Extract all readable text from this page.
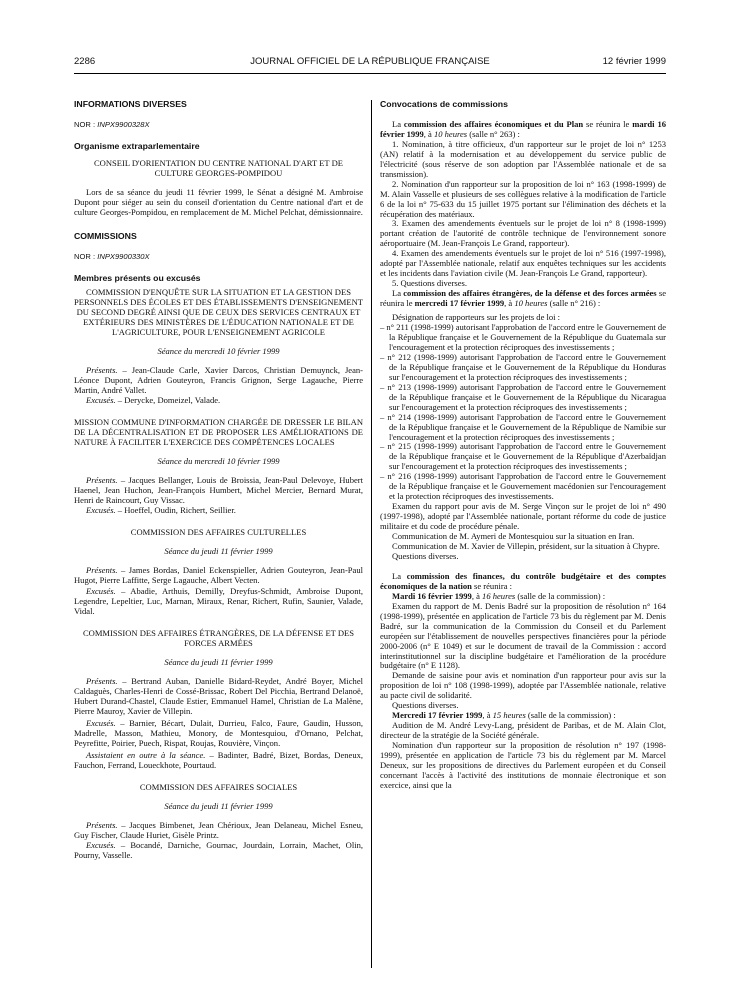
2286	JOURNAL OFFICIEL DE LA RÉPUBLIQUE FRANÇAISE	12 février 1999

INFORMATIONS DIVERSES

NOR : INPX9900328X

Organisme extraparlementaire

CONSEIL D'ORIENTATION DU CENTRE NATIONAL D'ART ET DE CULTURE GEORGES-POMPIDOU

Lors de sa séance du jeudi 11 février 1999, le Sénat a désigné M. Ambroise Dupont pour siéger au sein du conseil d'orientation du Centre national d'art et de culture Georges-Pompidou, en remplacement de M. Michel Pelchat, démissionnaire.

COMMISSIONS

NOR : INPX9900330X

Membres présents ou excusés

COMMISSION D'ENQUÊTE SUR LA SITUATION ET LA GESTION DES PERSONNELS DES ÉCOLES ET DES ÉTABLISSEMENTS D'ENSEIGNEMENT DU SECOND DEGRÉ AINSI QUE DE CEUX DES SERVICES CENTRAUX ET EXTÉRIEURS DES MINISTÈRES DE L'ÉDUCATION NATIONALE ET DE L'AGRICULTURE, POUR L'ENSEIGNEMENT AGRICOLE

Séance du mercredi 10 février 1999

Présents. – Jean-Claude Carle, Xavier Darcos, Christian Demuynck, Jean-Léonce Dupont, Adrien Gouteyron, Francis Grignon, Serge Lagauche, Pierre Martin, André Vallet.

Excusés. – Derycke, Domeizel, Valade.

MISSION COMMUNE D'INFORMATION CHARGÉE DE DRESSER LE BILAN DE LA DÉCENTRALISATION ET DE PROPOSER LES AMÉLIORATIONS DE NATURE À FACILITER L'EXERCICE DES COMPÉTENCES LOCALES

Séance du mercredi 10 février 1999

Présents. – Jacques Bellanger, Louis de Broissia, Jean-Paul Delevoye, Hubert Haenel, Jean Huchon, Jean-François Humbert, Michel Mercier, Bernard Murat, Henri de Raincourt, Guy Vissac.

Excusés. – Hoeffel, Oudin, Richert, Seillier.

COMMISSION DES AFFAIRES CULTURELLES

Séance du jeudi 11 février 1999

Présents. – James Bordas, Daniel Eckenspieller, Adrien Gouteyron, Jean-Paul Hugot, Pierre Laffitte, Serge Lagauche, Albert Vecten.

Excusés. – Abadie, Arthuis, Demilly, Dreyfus-Schmidt, Ambroise Dupont, Legendre, Lepeltier, Luc, Marnan, Miraux, Renar, Richert, Rufin, Saunier, Valade, Vidal.

COMMISSION DES AFFAIRES ÉTRANGÈRES, DE LA DÉFENSE ET DES FORCES ARMÉES

Séance du jeudi 11 février 1999

Présents. – Bertrand Auban, Danielle Bidard-Reydet, André Boyer, Michel Caldaguès, Charles-Henri de Cossé-Brissac, Robert Del Picchia, Bertrand Delanoë, Hubert Durand-Chastel, Claude Estier, Emmanuel Hamel, Christian de La Malène, Pierre Mauroy, Xavier de Villepin.

Excusés. – Barnier, Bécart, Dulait, Durrieu, Falco, Faure, Gaudin, Husson, Madrelle, Masson, Mathieu, Monory, de Montesquiou, d'Ornano, Pelchat, Peyrefitte, Poirier, Puech, Rispat, Roujas, Rouvière, Vinçon.

Assistaient en outre à la séance. – Badinter, Badré, Bizet, Bordas, Deneux, Fauchon, Ferrand, Loueckhote, Pourtaud.

COMMISSION DES AFFAIRES SOCIALES

Séance du jeudi 11 février 1999

Présents. – Jacques Bimbenet, Jean Chérioux, Jean Delaneau, Michel Esneu, Guy Fischer, Claude Huriet, Gisèle Printz.

Excusés. – Bocandé, Darniche, Gournac, Jourdain, Lorrain, Machet, Olin, Pourny, Vasselle.

Convocations de commissions

La commission des affaires économiques et du Plan se réunira le mardi 16 février 1999, à 10 heures (salle n° 263) :

1. Nomination, à titre officieux, d'un rapporteur sur le projet de loi n° 1253 (AN) relatif à la modernisation et au développement du service public de l'électricité (sous réserve de son adoption par l'Assemblée nationale et de sa transmission).

2. Nomination d'un rapporteur sur la proposition de loi n° 163 (1998-1999) de M. Alain Vasselle et plusieurs de ses collègues relative à la modification de l'article 6 de la loi n° 75-633 du 15 juillet 1975 portant sur l'élimination des déchets et la récupération des matériaux.

3. Examen des amendements éventuels sur le projet de loi n° 8 (1998-1999) portant création de l'autorité de contrôle technique de l'environnement sonore aéroportuaire (M. Jean-François Le Grand, rapporteur).

4. Examen des amendements éventuels sur le projet de loi n° 516 (1997-1998), adopté par l'Assemblée nationale, relatif aux enquêtes techniques sur les accidents et les incidents dans l'aviation civile (M. Jean-François Le Grand, rapporteur).

5. Questions diverses.

La commission des affaires étrangères, de la défense et des forces armées se réunira le mercredi 17 février 1999, à 10 heures (salle n° 216) :

Désignation de rapporteurs sur les projets de loi :

– n° 211 (1998-1999) autorisant l'approbation de l'accord entre le Gouvernement de la République française et le Gouvernement de la République du Guatemala sur l'encouragement et la protection réciproques des investissements ;

– n° 212 (1998-1999) autorisant l'approbation de l'accord entre le Gouvernement de la République française et le Gouvernement de la République du Honduras sur l'encouragement et la protection réciproques des investissements ;

– n° 213 (1998-1999) autorisant l'approbation de l'accord entre le Gouvernement de la République française et le Gouvernement de la République du Nicaragua sur l'encouragement et la protection réciproques des investissements ;

– n° 214 (1998-1999) autorisant l'approbation de l'accord entre le Gouvernement de la République française et le Gouvernement de la République de Namibie sur l'encouragement et la protection réciproques des investissements ;

– n° 215 (1998-1999) autorisant l'approbation de l'accord entre le Gouvernement de la République française et le Gouvernement de la République d'Azerbaïdjan sur l'encouragement et la protection réciproques des investissements ;

– n° 216 (1998-1999) autorisant l'approbation de l'accord entre le Gouvernement de la République française et le Gouvernement macédonien sur l'encouragement et la protection réciproques des investissements.

Examen du rapport pour avis de M. Serge Vinçon sur le projet de loi n° 490 (1997-1998), adopté par l'Assemblée nationale, portant réforme du code de justice militaire et du code de procédure pénale.

Communication de M. Aymeri de Montesquiou sur la situation en Iran.

Communication de M. Xavier de Villepin, président, sur la situation à Chypre.

Questions diverses.

La commission des finances, du contrôle budgétaire et des comptes économiques de la nation se réunira :

Mardi 16 février 1999, à 16 heures (salle de la commission) :

Examen du rapport de M. Denis Badré sur la proposition de résolution n° 164 (1998-1999), présentée en application de l'article 73 bis du règlement par M. Denis Badré, sur la communication de la Commission du Conseil et du Parlement européen sur l'établissement de nouvelles perspectives financières pour la période 2000-2006 (n° E 1049) et sur le document de travail de la Commission : accord interinstitutionnel sur la discipline budgétaire et l'amélioration de la procédure budgétaire (n° E 1128).

Demande de saisine pour avis et nomination d'un rapporteur pour avis sur la proposition de loi n° 108 (1998-1999), adoptée par l'Assemblée nationale, relative au pacte civil de solidarité.

Questions diverses.

Mercredi 17 février 1999, à 15 heures (salle de la commission) :

Audition de M. André Levy-Lang, président de Paribas, et de M. Alain Clot, directeur de la stratégie de la Société générale.

Nomination d'un rapporteur sur la proposition de résolution n° 197 (1998-1999), présentée en application de l'article 73 bis du règlement par M. Marcel Deneux, sur les propositions de directives du Parlement européen et du Conseil concernant l'accès à l'activité des institutions de monnaie électronique et son exercice, ainsi que la
